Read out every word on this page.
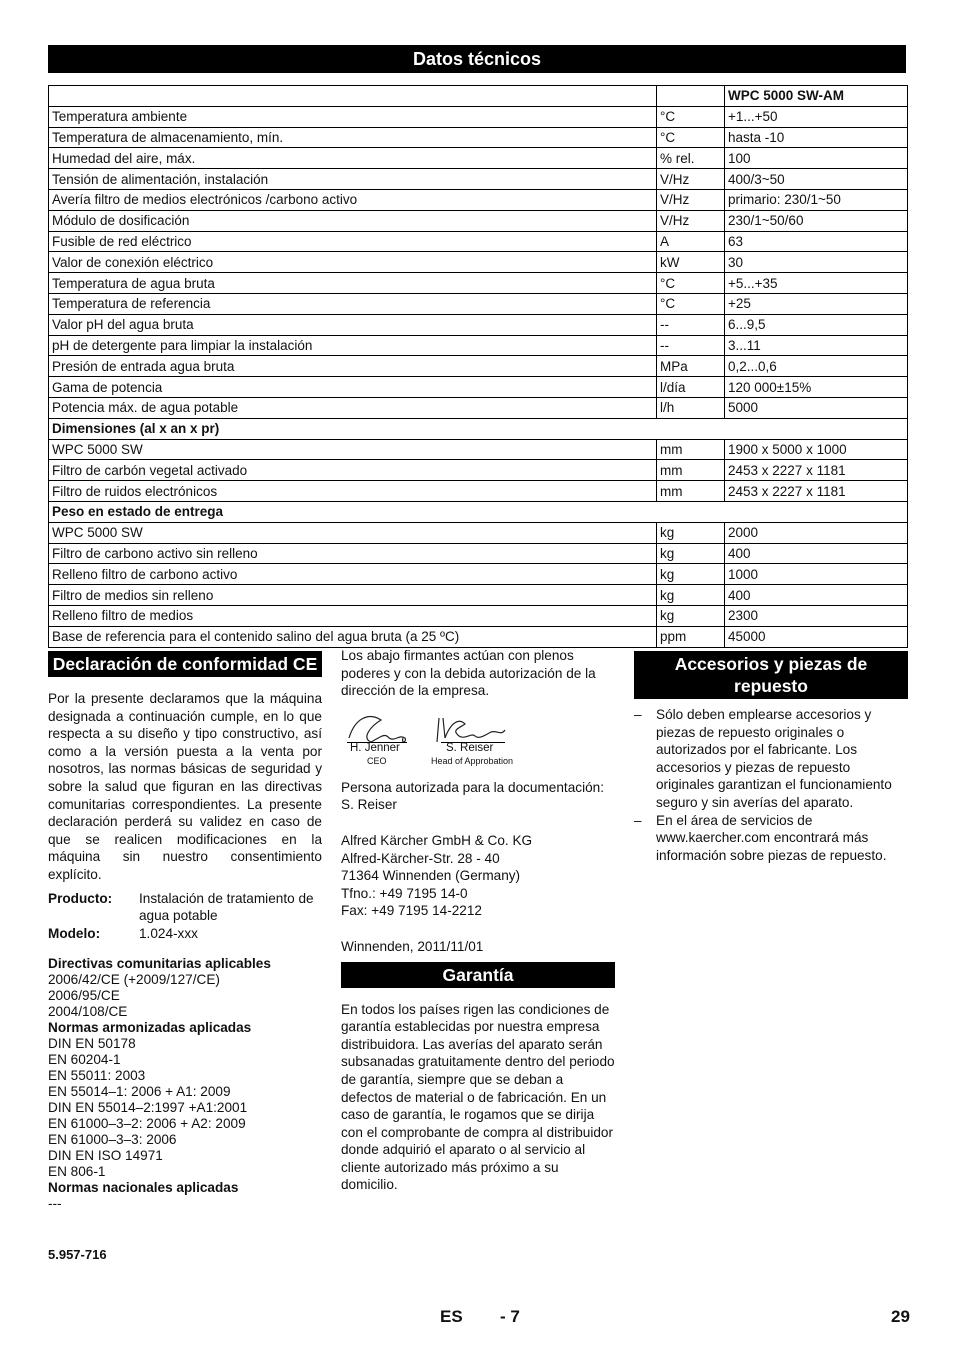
Datos técnicos
		WPC 5000 SW-AM
Temperatura ambiente	°C	+1...+50
Temperatura de almacenamiento, mín.	°C	hasta -10
Humedad del aire, máx.	% rel.	100
Tensión de alimentación, instalación	V/Hz	400/3~50
Avería filtro de medios electrónicos /carbono activo	V/Hz	primario: 230/1~50
Módulo de dosificación	V/Hz	230/1~50/60
Fusible de red eléctrico	A	63
Valor de conexión eléctrico	kW	30
Temperatura de agua bruta	°C	+5...+35
Temperatura de referencia	°C	+25
Valor pH del agua bruta	--	6...9,5
pH de detergente para limpiar la instalación	--	3...11
Presión de entrada agua bruta	MPa	0,2...0,6
Gama de potencia	l/día	120 000±15%
Potencia máx. de agua potable	l/h	5000
Dimensiones (al x an x pr)		
WPC 5000 SW	mm	1900 x 5000 x 1000
Filtro de carbón vegetal activado	mm	2453 x 2227 x 1181
Filtro de ruidos electrónicos	mm	2453 x 2227 x 1181
Peso en estado de entrega		
WPC 5000 SW	kg	2000
Filtro de carbono activo sin relleno	kg	400
Relleno filtro de carbono activo	kg	1000
Filtro de medios sin relleno	kg	400
Relleno filtro de medios	kg	2300
Base de referencia para el contenido salino del agua bruta (a 25 ºC)	ppm	45000
Declaración de conformidad CE

Por la presente declaramos que la máquina designada a continuación cumple, en lo que respecta a su diseño y tipo constructivo, así como a la versión puesta a la venta por nosotros, las normas básicas de seguridad y sobre la salud que figuran en las directivas comunitarias correspondientes. La presente declaración perderá su validez en caso de que se realicen modificaciones en la máquina sin nuestro consentimiento explícito.

Producto:	Instalación de tratamiento de agua potable
Modelo:	1.024-xxx
Directivas comunitarias aplicables
2006/42/CE (+2009/127/CE)
2006/95/CE
2004/108/CE
Normas armonizadas aplicadas
DIN EN 50178
EN 60204-1
EN 55011: 2003
EN 55014–1: 2006 + A1: 2009
DIN EN 55014–2:1997 +A1:2001
EN 61000–3–2: 2006 + A2: 2009
EN 61000–3–3: 2006
DIN EN ISO 14971
EN 806-1
Normas nacionales aplicadas
---
5.957-716

Los abajo firmantes actúan con plenos poderes y con la debida autorización de la dirección de la empresa.

H. Jenner
CEO
S. Reiser
Head of Approbation

Persona autorizada para la documentación:

S. Reiser

Alfred Kärcher GmbH & Co. KG
Alfred-Kärcher-Str. 28 - 40
71364 Winnenden (Germany)
Tfno.: +49 7195 14-0
Fax: +49 7195 14-2212

Winnenden, 2011/11/01

Garantía

En todos los países rigen las condiciones de garantía establecidas por nuestra empresa distribuidora. Las averías del aparato serán subsanadas gratuitamente dentro del periodo de garantía, siempre que se deban a defectos de material o de fabricación. En un caso de garantía, le rogamos que se dirija con el comprobante de compra al distribuidor donde adquirió el aparato o al servicio al cliente autorizado más próximo a su domicilio.

Accesorios y piezas de repuesto
–	Sólo deben emplearse accesorios y piezas de repuesto originales o autorizados por el fabricante. Los accesorios y piezas de repuesto originales garantizan el funcionamiento seguro y sin averías del aparato.
–	En el área de servicios de www.kaercher.com encontrará más información sobre piezas de repuesto.
ES - 7	29
